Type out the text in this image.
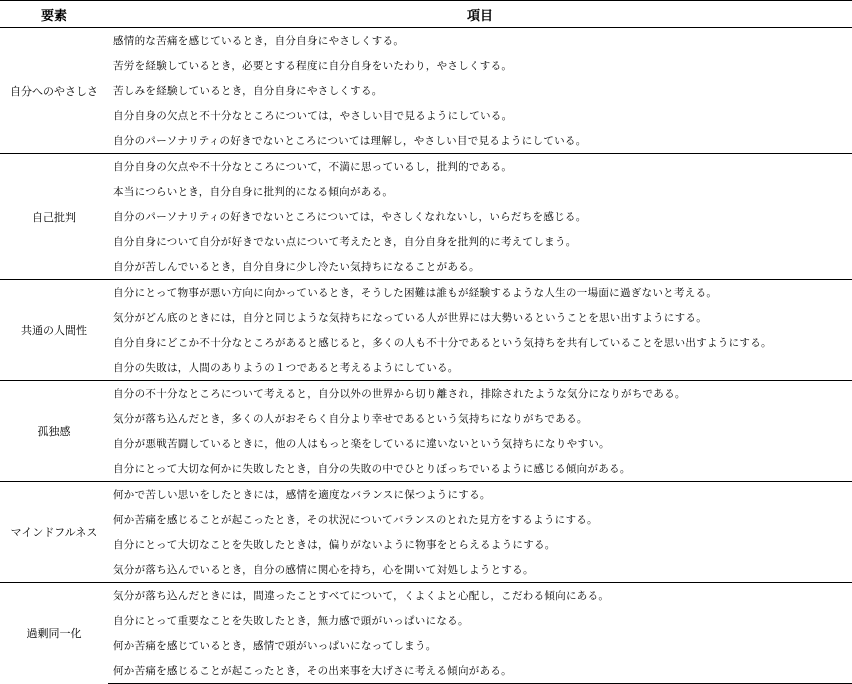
要素	項目
自分へのやさしさ	感情的な苦痛を感じているとき，自分自身にやさしくする。
	苦労を経験しているとき，必要とする程度に自分自身をいたわり，やさしくする。
	苦しみを経験しているとき，自分自身にやさしくする。
	自分自身の欠点と不十分なところについては，やさしい目で見るようにしている。
	自分のパーソナリティの好きでないところについては理解し，やさしい目で見るようにしている。
自己批判	自分自身の欠点や不十分なところについて，不満に思っているし，批判的である。
	本当につらいとき，自分自身に批判的になる傾向がある。
	自分のパーソナリティの好きでないところについては，やさしくなれないし，いらだちを感じる。
	自分自身について自分が好きでない点について考えたとき，自分自身を批判的に考えてしまう。
	自分が苦しんでいるとき，自分自身に少し冷たい気持ちになることがある。
共通の人間性	自分にとって物事が悪い方向に向かっているとき，そうした困難は誰もが経験するような人生の一場面に過ぎないと考える。
	気分がどん底のときには，自分と同じような気持ちになっている人が世界には大勢いるということを思い出すようにする。
	自分自身にどこか不十分なところがあると感じると，多くの人も不十分であるという気持ちを共有していることを思い出すようにする。
	自分の失敗は，人間のありようの１つであると考えるようにしている。
孤独感	自分の不十分なところについて考えると，自分以外の世界から切り離され，排除されたような気分になりがちである。
	気分が落ち込んだとき，多くの人がおそらく自分より幸せであるという気持ちになりがちである。
	自分が悪戦苦闘しているときに，他の人はもっと楽をしているに違いないという気持ちになりやすい。
	自分にとって大切な何かに失敗したとき，自分の失敗の中でひとりぼっちでいるように感じる傾向がある。
マインドフルネス	何かで苦しい思いをしたときには，感情を適度なバランスに保つようにする。
	何か苦痛を感じることが起こったとき，その状況についてバランスのとれた見方をするようにする。
	自分にとって大切なことを失敗したときは，偏りがないように物事をとらえるようにする。
	気分が落ち込んでいるとき，自分の感情に関心を持ち，心を開いて対処しようとする。
過剰同一化	気分が落ち込んだときには，間違ったことすべてについて，くよくよと心配し，こだわる傾向にある。
	自分にとって重要なことを失敗したとき，無力感で頭がいっぱいになる。
	何か苦痛を感じているとき，感情で頭がいっぱいになってしまう。
	何か苦痛を感じることが起こったとき，その出来事を大げさに考える傾向がある。
